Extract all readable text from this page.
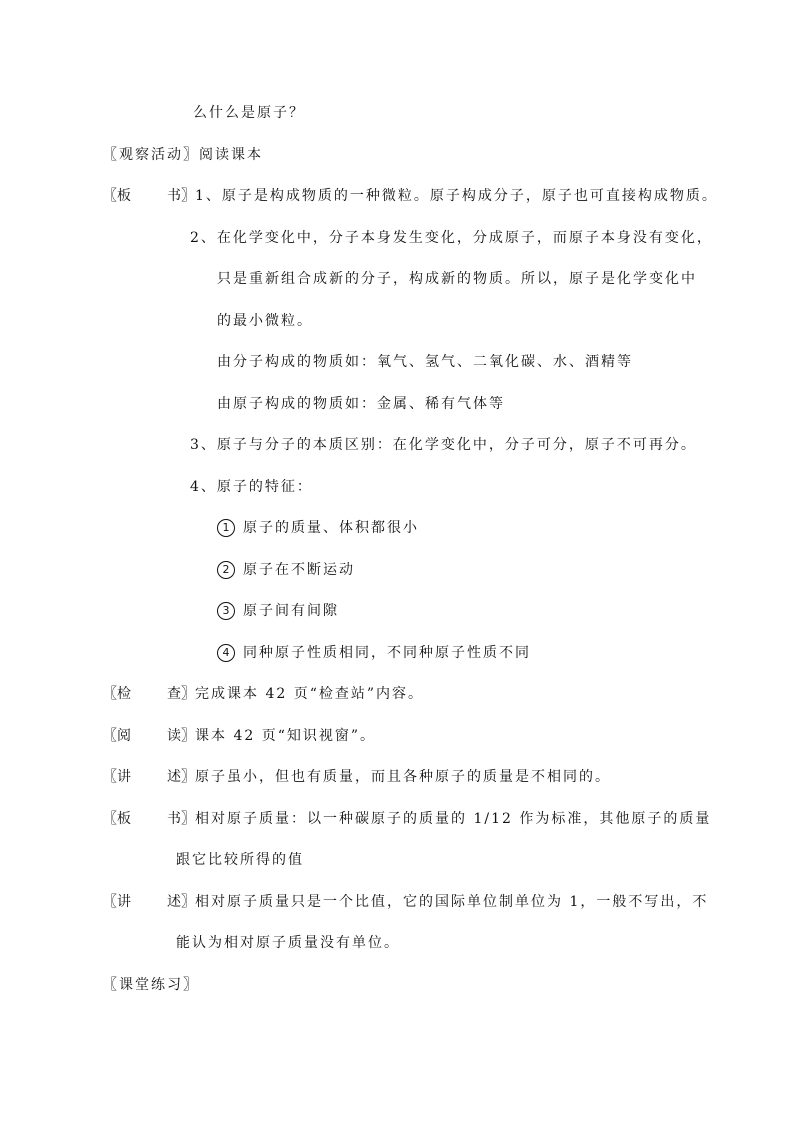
么什么是原子？
〖观察活动〗阅读课本
〖板	书〗1、原子是构成物质的一种微粒。原子构成分子，原子也可直接构成物质。
2、在化学变化中，分子本身发生变化，分成原子，而原子本身没有变化，
只是重新组合成新的分子，构成新的物质。所以，原子是化学变化中
的最小微粒。
由分子构成的物质如：氧气、氢气、二氧化碳、水、酒精等
由原子构成的物质如：金属、稀有气体等
3、原子与分子的本质区别：在化学变化中，分子可分，原子不可再分。
4、原子的特征：
1 原子的质量、体积都很小
2 原子在不断运动
3 原子间有间隙
4 同种原子性质相同，不同种原子性质不同
〖检	查〗完成课本 42 页“检查站”内容。
〖阅	读〗课本 42 页“知识视窗”。
〖讲	述〗原子虽小，但也有质量，而且各种原子的质量是不相同的。
〖板	书〗相对原子质量：以一种碳原子的质量的 1/12 作为标准，其他原子的质量
跟它比较所得的值
〖讲	述〗相对原子质量只是一个比值，它的国际单位制单位为 1，一般不写出，不
能认为相对原子质量没有单位。
〖课堂练习〗
